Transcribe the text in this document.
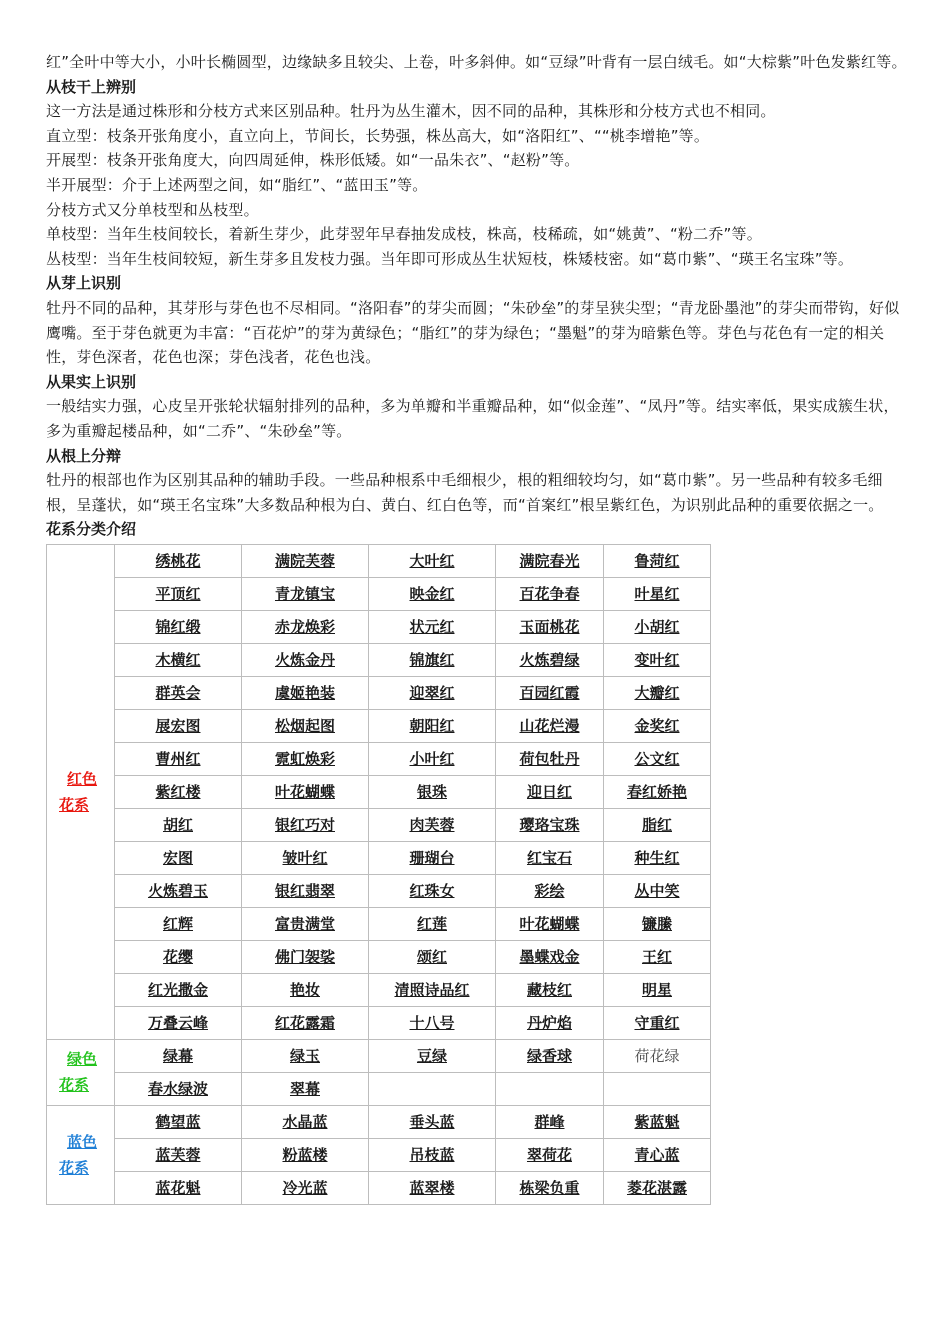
红”全叶中等大小，小叶长椭圆型，边缘缺多且较尖、上卷，叶多斜伸。如“豆绿”叶背有一层白绒毛。如“大棕紫”叶色发紫红等。

从枝干上辨别

这一方法是通过株形和分枝方式来区别品种。牡丹为丛生灌木，因不同的品种，其株形和分枝方式也不相同。

直立型：枝条开张角度小，直立向上，节间长，长势强，株丛高大，如“洛阳红”、““桃李增艳”等。

开展型：枝条开张角度大，向四周延伸，株形低矮。如“一品朱衣”、“赵粉”等。

半开展型：介于上述两型之间，如“脂红”、“蓝田玉”等。

分枝方式又分单枝型和丛枝型。

单枝型：当年生枝间较长，着新生芽少，此芽翌年早春抽发成枝，株高，枝稀疏，如“姚黄”、“粉二乔”等。

丛枝型：当年生枝间较短，新生芽多且发枝力强。当年即可形成丛生状短枝，株矮枝密。如“葛巾紫”、“瑛王名宝珠”等。

从芽上识别

牡丹不同的品种，其芽形与芽色也不尽相同。“洛阳春”的芽尖而圆；“朱砂垒”的芽呈狭尖型；“青龙卧墨池”的芽尖而带钩，好似鹰嘴。至于芽色就更为丰富：“百花炉”的芽为黄绿色；“脂红”的芽为绿色；“墨魁”的芽为暗紫色等。芽色与花色有一定的相关性，芽色深者，花色也深；芽色浅者，花色也浅。

从果实上识别

一般结实力强，心皮呈开张轮状辐射排列的品种，多为单瓣和半重瓣品种，如“似金莲”、“凤丹”等。结实率低，果实成簇生状，多为重瓣起楼品种，如“二乔”、“朱砂垒”等。

从根上分辩

牡丹的根部也作为区别其品种的辅助手段。一些品种根系中毛细根少，根的粗细较均匀，如“葛巾紫”。另一些品种有较多毛细根，呈蓬状，如“瑛王名宝珠”大多数品种根为白、黄白、红白色等，而“首案红”根呈紫红色，为识别此品种的重要依据之一。

花系分类介绍

红色
花系	绣桃花	满院芙蓉	大叶红	满院春光	鲁菏红
	平顶红	青龙镇宝	映金红	百花争春	叶星红
	锦红缎	赤龙焕彩	状元红	玉面桃花	小胡红
	木横红	火炼金丹	锦旗红	火炼碧绿	变叶红
	群英会	虞姬艳装	迎翠红	百园红霞	大瓣红
	展宏图	松烟起图	朝阳红	山花烂漫	金奖红
	曹州红	霓虹焕彩	小叶红	荷包牡丹	公文红
	紫红楼	叶花蝴蝶	银珠	迎日红	春红娇艳
	胡红	银红巧对	肉芙蓉	璎珞宝珠	脂红
	宏图	皱叶红	珊瑚台	红宝石	种生红
	火炼碧玉	银红翡翠	红珠女	彩绘	丛中笑
	红辉	富贵满堂	红莲	叶花蝴蝶	镰縢
	花缨	佛门袈裟	颂红	墨蝶戏金	王红
	红光撒金	艳妆	清照诗品红	藏枝红	明星
	万叠云峰	红花露霜	十八号	丹炉焰	守重红

绿色
花系	绿幕	绿玉	豆绿	绿香球	荷花绿
	春水绿波	翠幕			

蓝色
花系	鹤望蓝	水晶蓝	垂头蓝	群峰	紫蓝魁
	蓝芙蓉	粉蓝楼	吊枝蓝	翠荷花	青心蓝
	蓝花魁	冷光蓝	蓝翠楼	栋梁负重	菱花湛露
